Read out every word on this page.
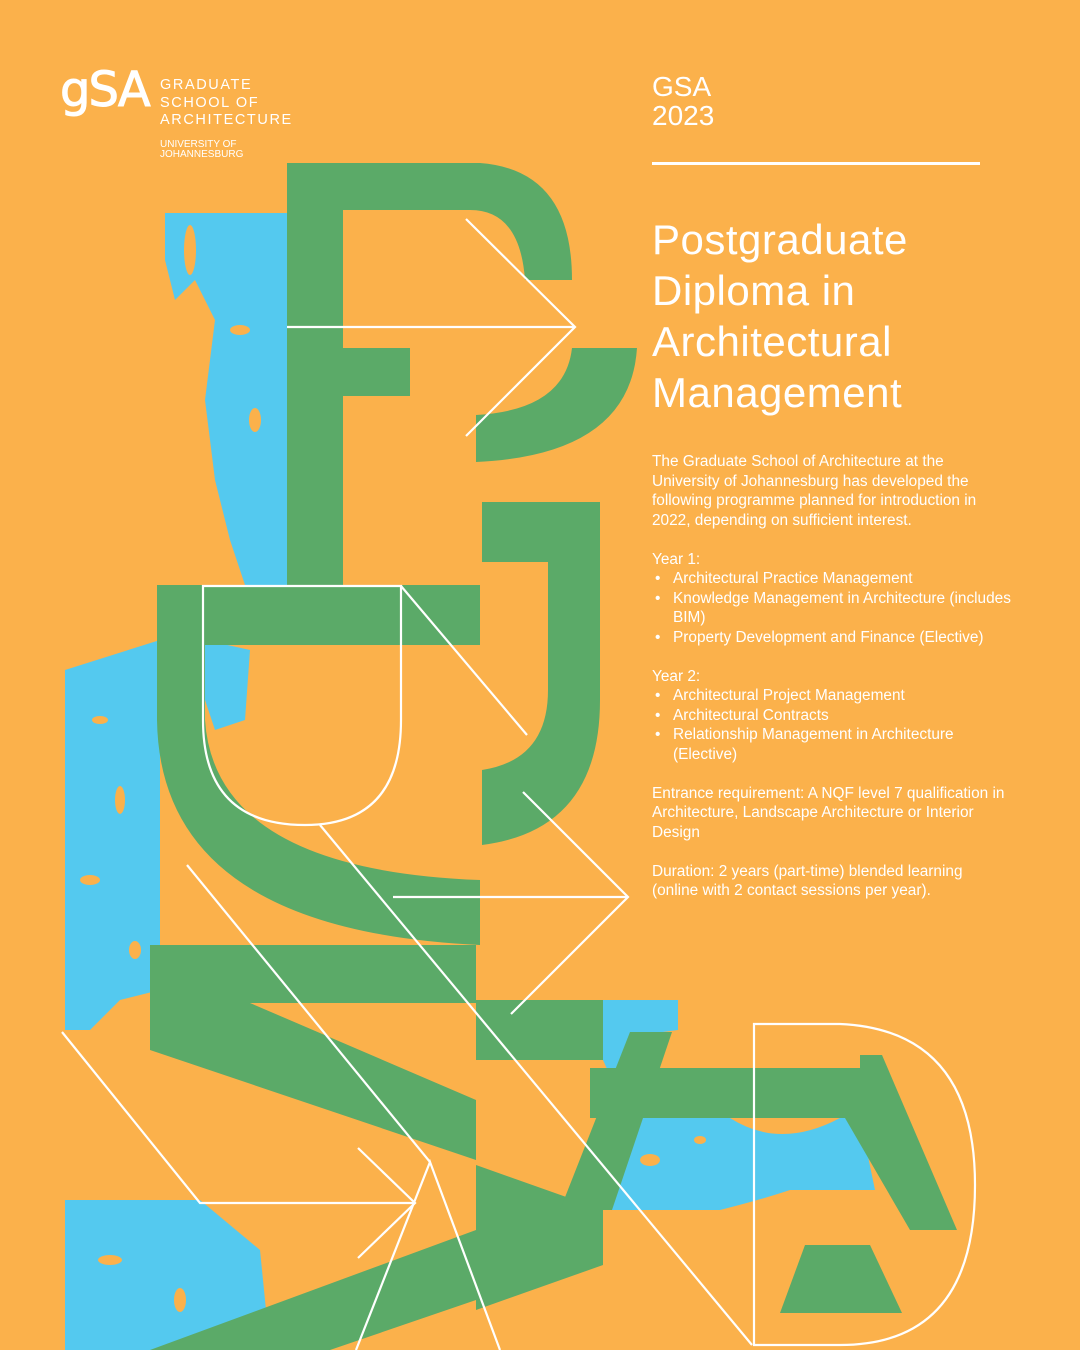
gSA GRADUATE
SCHOOL OF
ARCHITECTURE
UNIVERSITY OF
JOHANNESBURG
GSA
2023
Postgraduate
Diploma in
Architectural
Management

The Graduate School of Architecture at the University of Johannesburg has developed the following programme planned for introduction in 2022, depending on sufficient interest.

Year 1:
• Architectural Practice Management
• Knowledge Management in Architecture (includes BIM)
• Property Development and Finance (Elective)
Year 2:
• Architectural Project Management
• Architectural Contracts
• Relationship Management in Architecture (Elective)

Entrance requirement: A NQF level 7 qualification in Architecture, Landscape Architecture or Interior Design

Duration: 2 years (part-time) blended learning (online with 2 contact sessions per year).
